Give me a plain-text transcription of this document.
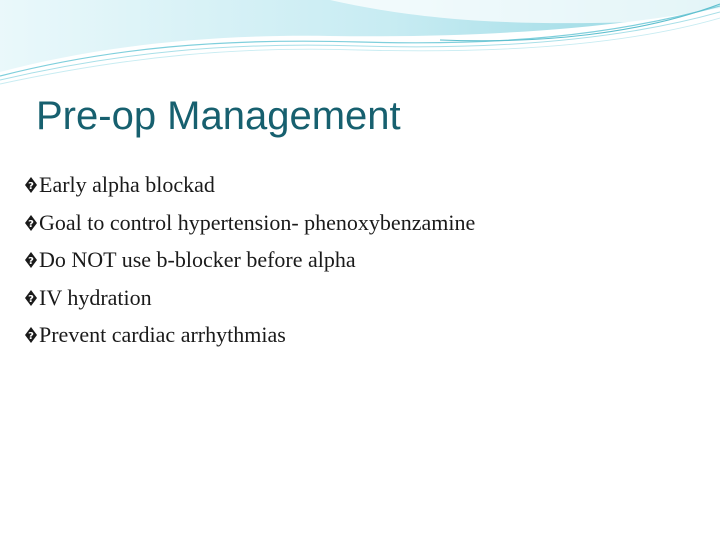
Pre-op Management
? Early alpha blockad
? Goal to control hypertension- phenoxybenzamine
? Do NOT use b-blocker before alpha
? IV hydration
? Prevent cardiac arrhythmias
